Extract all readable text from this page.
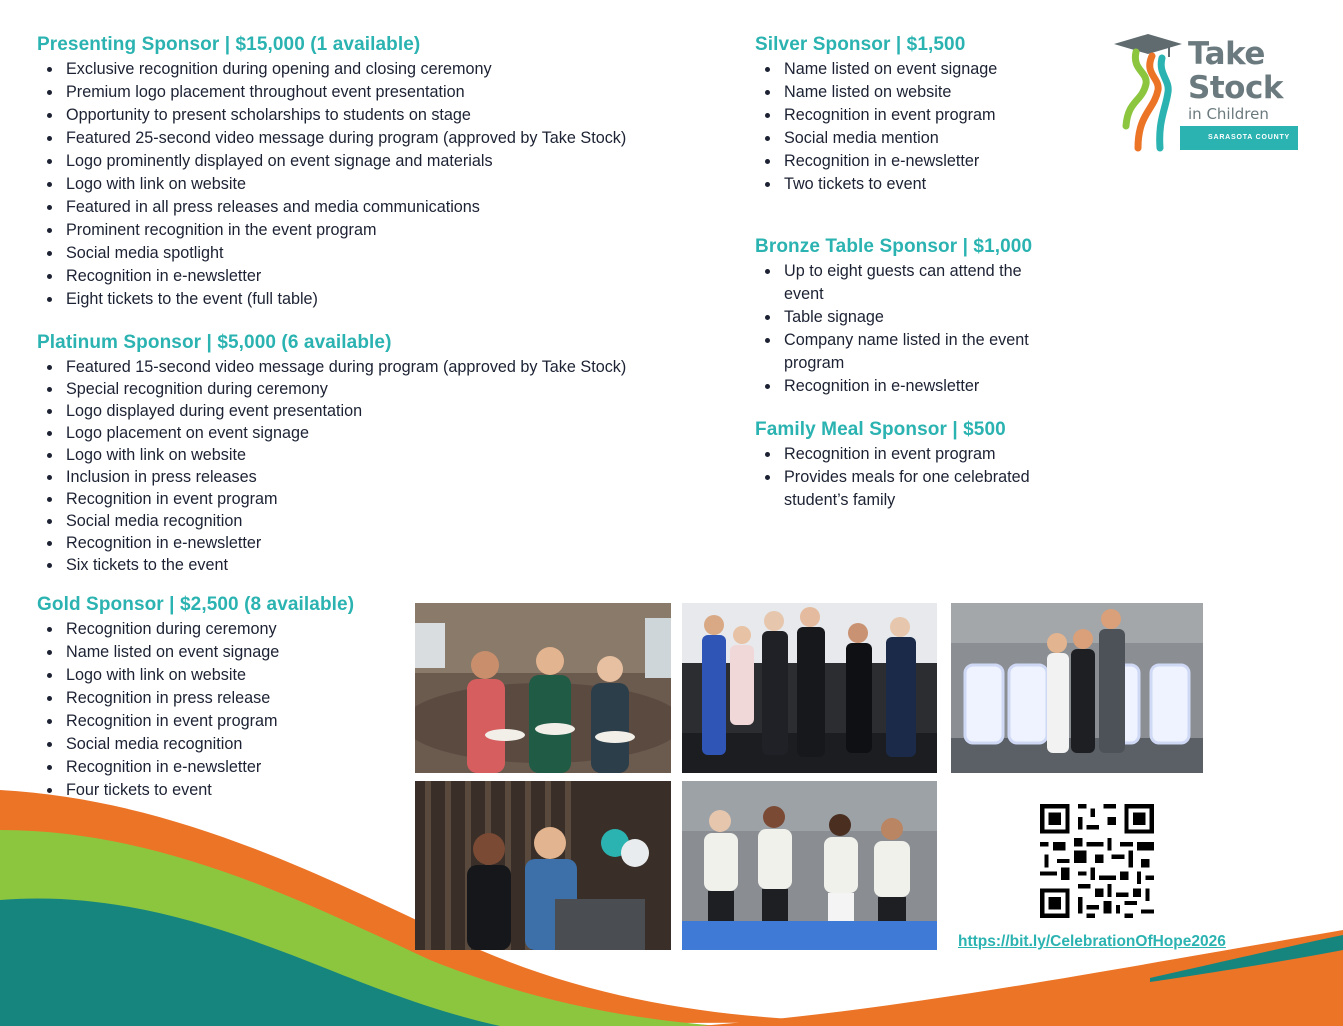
Presenting Sponsor | $15,000 (1 available)
Exclusive recognition during opening and closing ceremony
Premium logo placement throughout event presentation
Opportunity to present scholarships to students on stage
Featured 25-second video message during program (approved by Take Stock)
Logo prominently displayed on event signage and materials
Logo with link on website
Featured in all press releases and media communications
Prominent recognition in the event program
Social media spotlight
Recognition in e-newsletter
Eight tickets to the event (full table)
Platinum Sponsor | $5,000 (6 available)
Featured 15-second video message during program (approved by Take Stock)
Special recognition during ceremony
Logo displayed during event presentation
Logo placement on event signage
Logo with link on website
Inclusion in press releases
Recognition in event program
Social media recognition
Recognition in e-newsletter
Six tickets to the event
Gold Sponsor | $2,500 (8 available)
Recognition during ceremony
Name listed on event signage
Logo with link on website
Recognition in press release
Recognition in event program
Social media recognition
Recognition in e-newsletter
Four tickets to event
Silver Sponsor | $1,500
Name listed on event signage
Name listed on website
Recognition in event program
Social media mention
Recognition in e-newsletter
Two tickets to event
Bronze Table Sponsor | $1,000
Up to eight guests can attend the event
Table signage
Company name listed in the event program
Recognition in e-newsletter
Family Meal Sponsor | $500
Recognition in event program
Provides meals for one celebrated student’s family
Take
Stock
in Children
SARASOTA COUNTY
https://bit.ly/CelebrationOfHope2026
